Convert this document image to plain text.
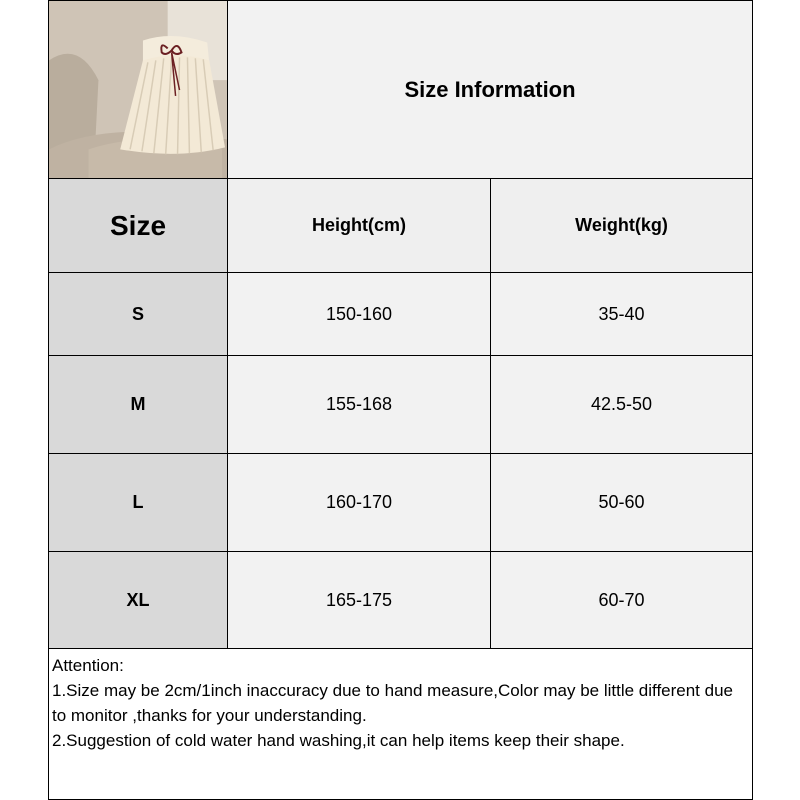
Size Information
Size	Height(cm)	Weight(kg)
S	150-160	35-40
M	155-168	42.5-50
L	160-170	50-60
XL	165-175	60-70

Attention:

1.Size may be 2cm/1inch inaccuracy due to hand measure,Color may be little different due to monitor ,thanks for your understanding.

2.Suggestion of cold water hand washing,it can help items keep their shape.
